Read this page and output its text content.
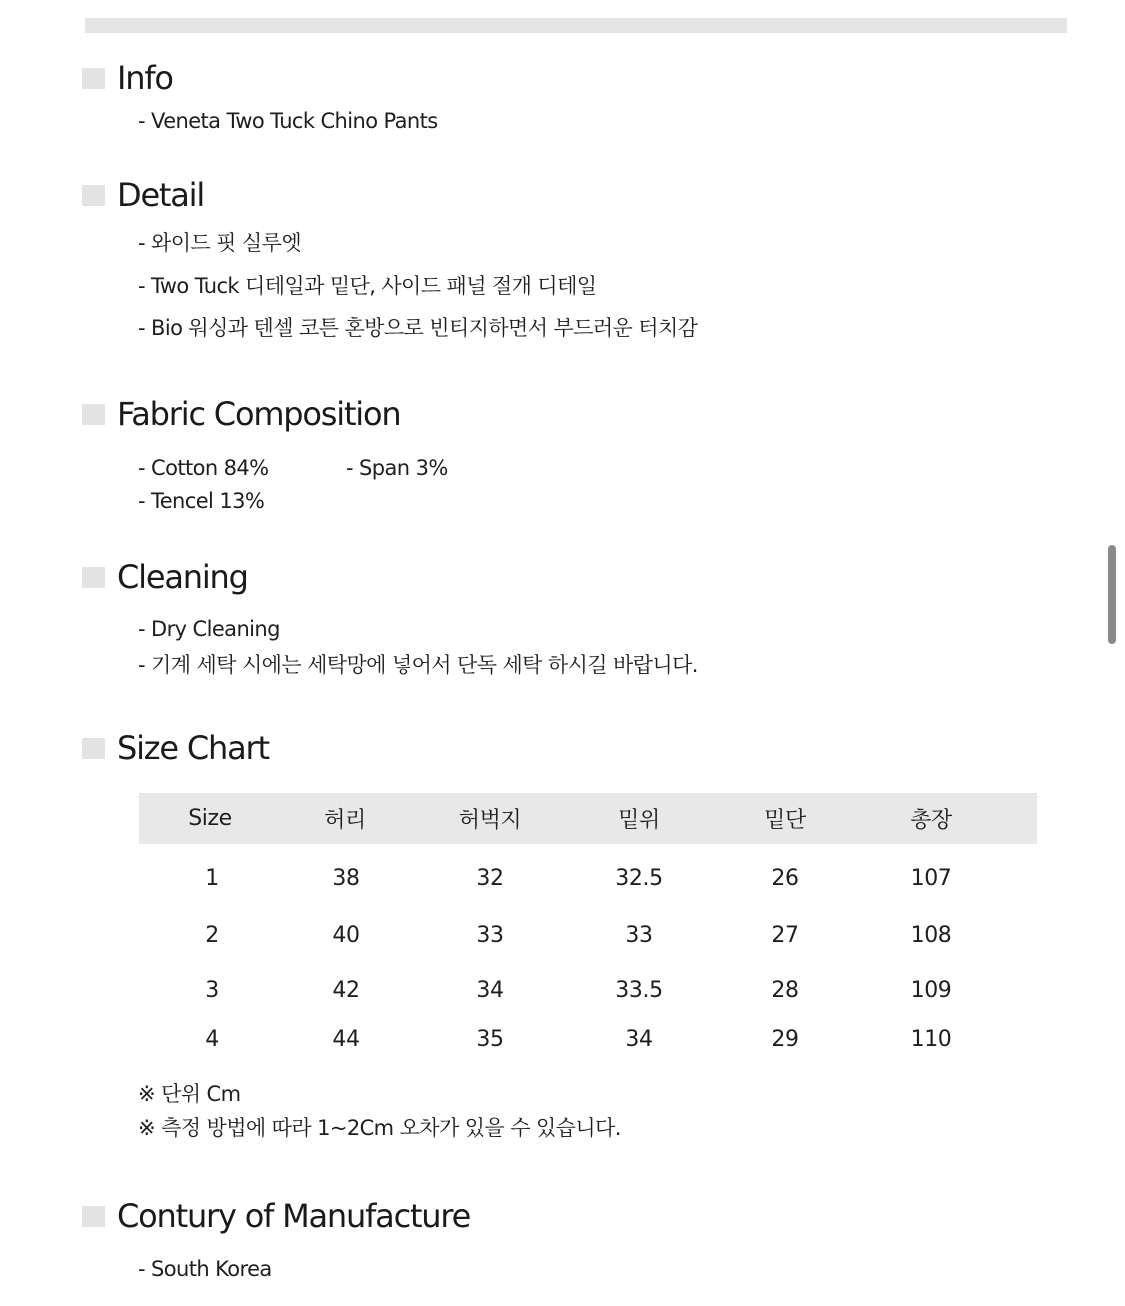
Info
- Veneta Two Tuck Chino Pants
Detail
- 와이드 핏 실루엣
- Two Tuck 디테일과 밑단, 사이드 패널 절개 디테일
- Bio 워싱과 텐셀 코튼 혼방으로 빈티지하면서 부드러운 터치감
Fabric Composition
- Cotton 84%	- Span 3%
- Tencel 13%
Cleaning
- Dry Cleaning
- 기계 세탁 시에는 세탁망에 넣어서 단독 세탁 하시길 바랍니다.
Size Chart
Size	허리	허벅지	밑위	밑단	총장
1	38	32	32.5	26	107
2	40	33	33	27	108
3	42	34	33.5	28	109
4	44	35	34	29	110
※ 단위 Cm
※ 측정 방법에 따라 1~2Cm 오차가 있을 수 있습니다.
Contury of Manufacture
- South Korea
